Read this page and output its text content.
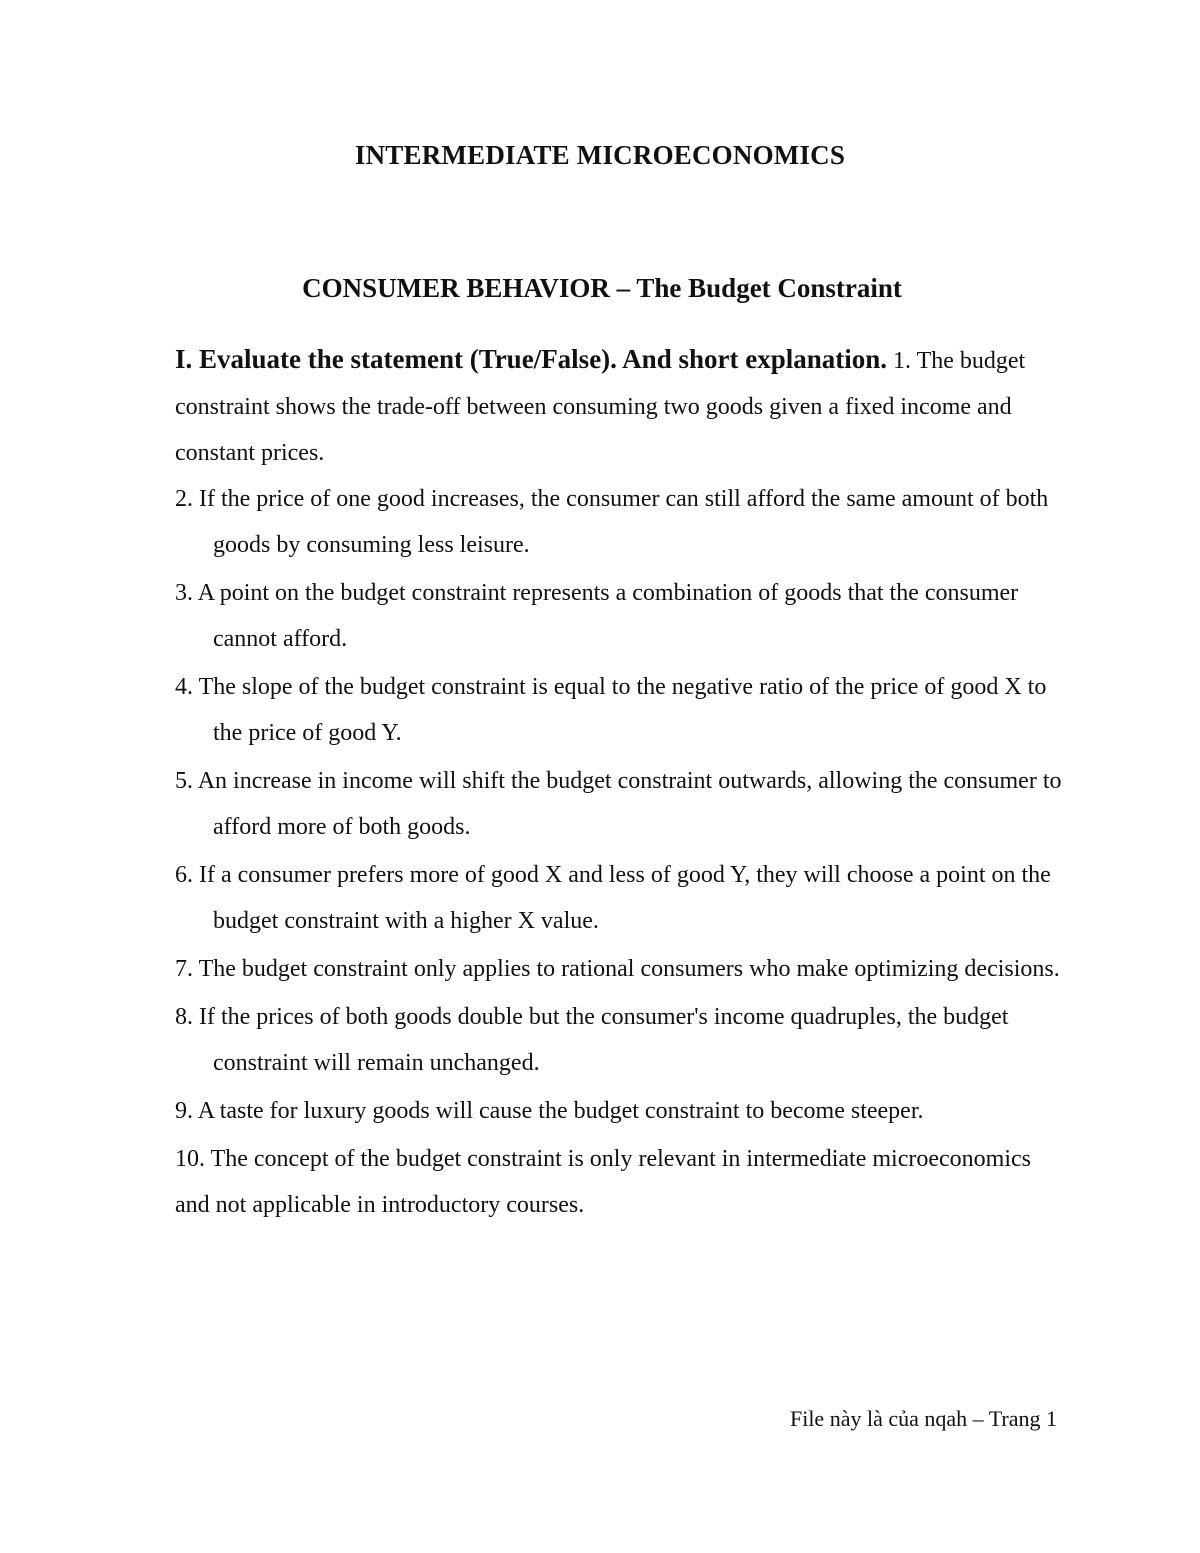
INTERMEDIATE MICROECONOMICS
CONSUMER BEHAVIOR – The Budget Constraint

I. Evaluate the statement (True/False). And short explanation. 1. The budget constraint shows the trade-off between consuming two goods given a fixed income and constant prices.

2. If the price of one good increases, the consumer can still afford the same amount of both goods by consuming less leisure.

3. A point on the budget constraint represents a combination of goods that the consumer cannot afford.

4. The slope of the budget constraint is equal to the negative ratio of the price of good X to the price of good Y.

5. An increase in income will shift the budget constraint outwards, allowing the consumer to afford more of both goods.

6. If a consumer prefers more of good X and less of good Y, they will choose a point on the budget constraint with a higher X value.

7. The budget constraint only applies to rational consumers who make optimizing decisions.

8. If the prices of both goods double but the consumer's income quadruples, the budget constraint will remain unchanged.

9. A taste for luxury goods will cause the budget constraint to become steeper.

10. The concept of the budget constraint is only relevant in intermediate microeconomics and not applicable in introductory courses.

File này là của nqah – Trang 1
